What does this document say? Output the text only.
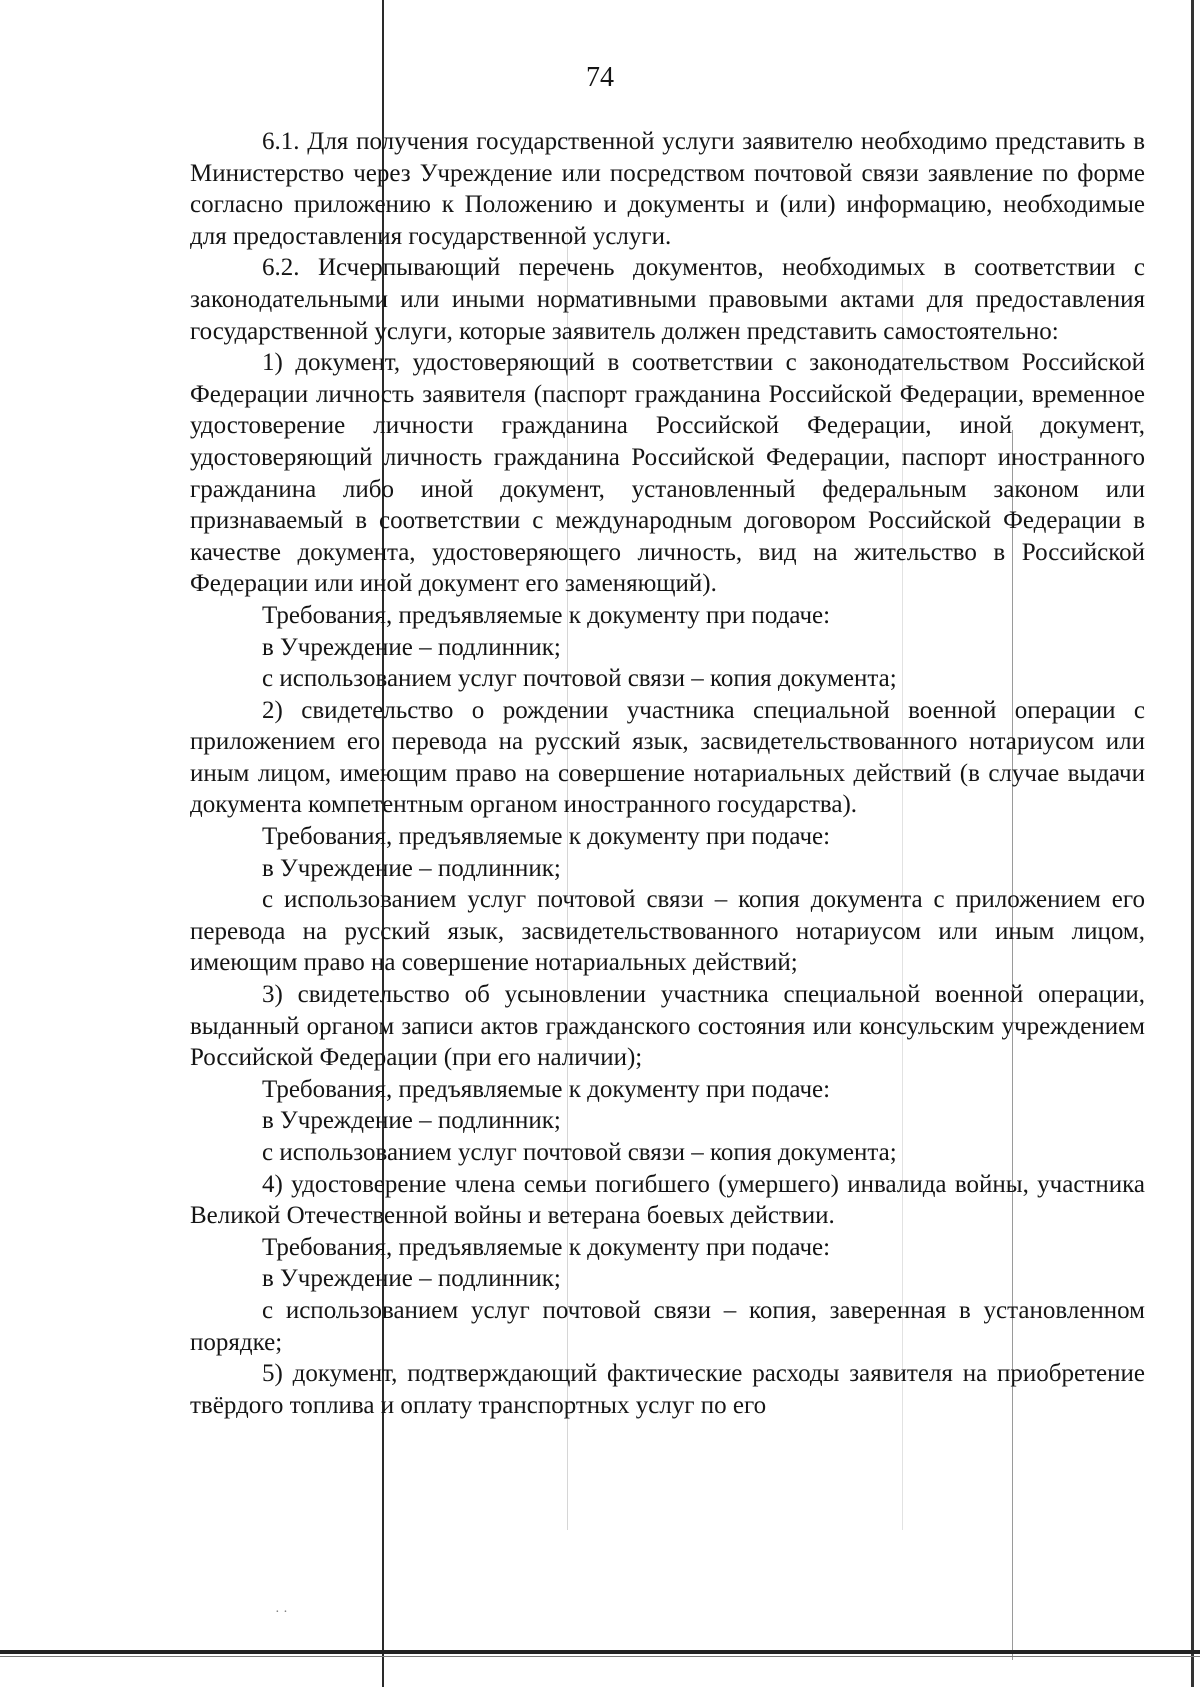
74

6.1. Для получения государственной услуги заявителю необходимо представить в Министерство через Учреждение или посредством почтовой связи заявление по форме согласно приложению к Положению и документы и (или) информацию, необходимые для предоставления государственной услуги.

6.2. Исчерпывающий перечень документов, необходимых в соответствии с законодательными или иными нормативными правовыми актами для предоставления государственной услуги, которые заявитель должен представить самостоятельно:

1) документ, удостоверяющий в соответствии с законодательством Российской Федерации личность заявителя (паспорт гражданина Российской Федерации, временное удостоверение личности гражданина Российской Федерации, иной документ, удостоверяющий личность гражданина Российской Федерации, паспорт иностранного гражданина либо иной документ, установленный федеральным законом или признаваемый в соответствии с международным договором Российской Федерации в качестве документа, удостоверяющего личность, вид на жительство в Российской Федерации или иной документ его заменяющий).

Требования, предъявляемые к документу при подаче:

в Учреждение – подлинник;

с использованием услуг почтовой связи – копия документа;

2) свидетельство о рождении участника специальной военной операции с приложением его перевода на русский язык, засвидетельствованного нотариусом или иным лицом, имеющим право на совершение нотариальных действий (в случае выдачи документа компетентным органом иностранного государства).

Требования, предъявляемые к документу при подаче:

в Учреждение – подлинник;

с использованием услуг почтовой связи – копия документа с приложением его перевода на русский язык, засвидетельствованного нотариусом или иным лицом, имеющим право на совершение нотариальных действий;

3) свидетельство об усыновлении участника специальной военной операции, выданный органом записи актов гражданского состояния или консульским учреждением Российской Федерации (при его наличии);

Требования, предъявляемые к документу при подаче:

в Учреждение – подлинник;

с использованием услуг почтовой связи – копия документа;

4) удостоверение члена семьи погибшего (умершего) инвалида войны, участника Великой Отечественной войны и ветерана боевых действии.

Требования, предъявляемые к документу при подаче:

в Учреждение – подлинник;

с использованием услуг почтовой связи – копия, заверенная в установленном порядке;

5) документ, подтверждающий фактические расходы заявителя на приобретение твёрдого топлива и оплату транспортных услуг по его

· ·
